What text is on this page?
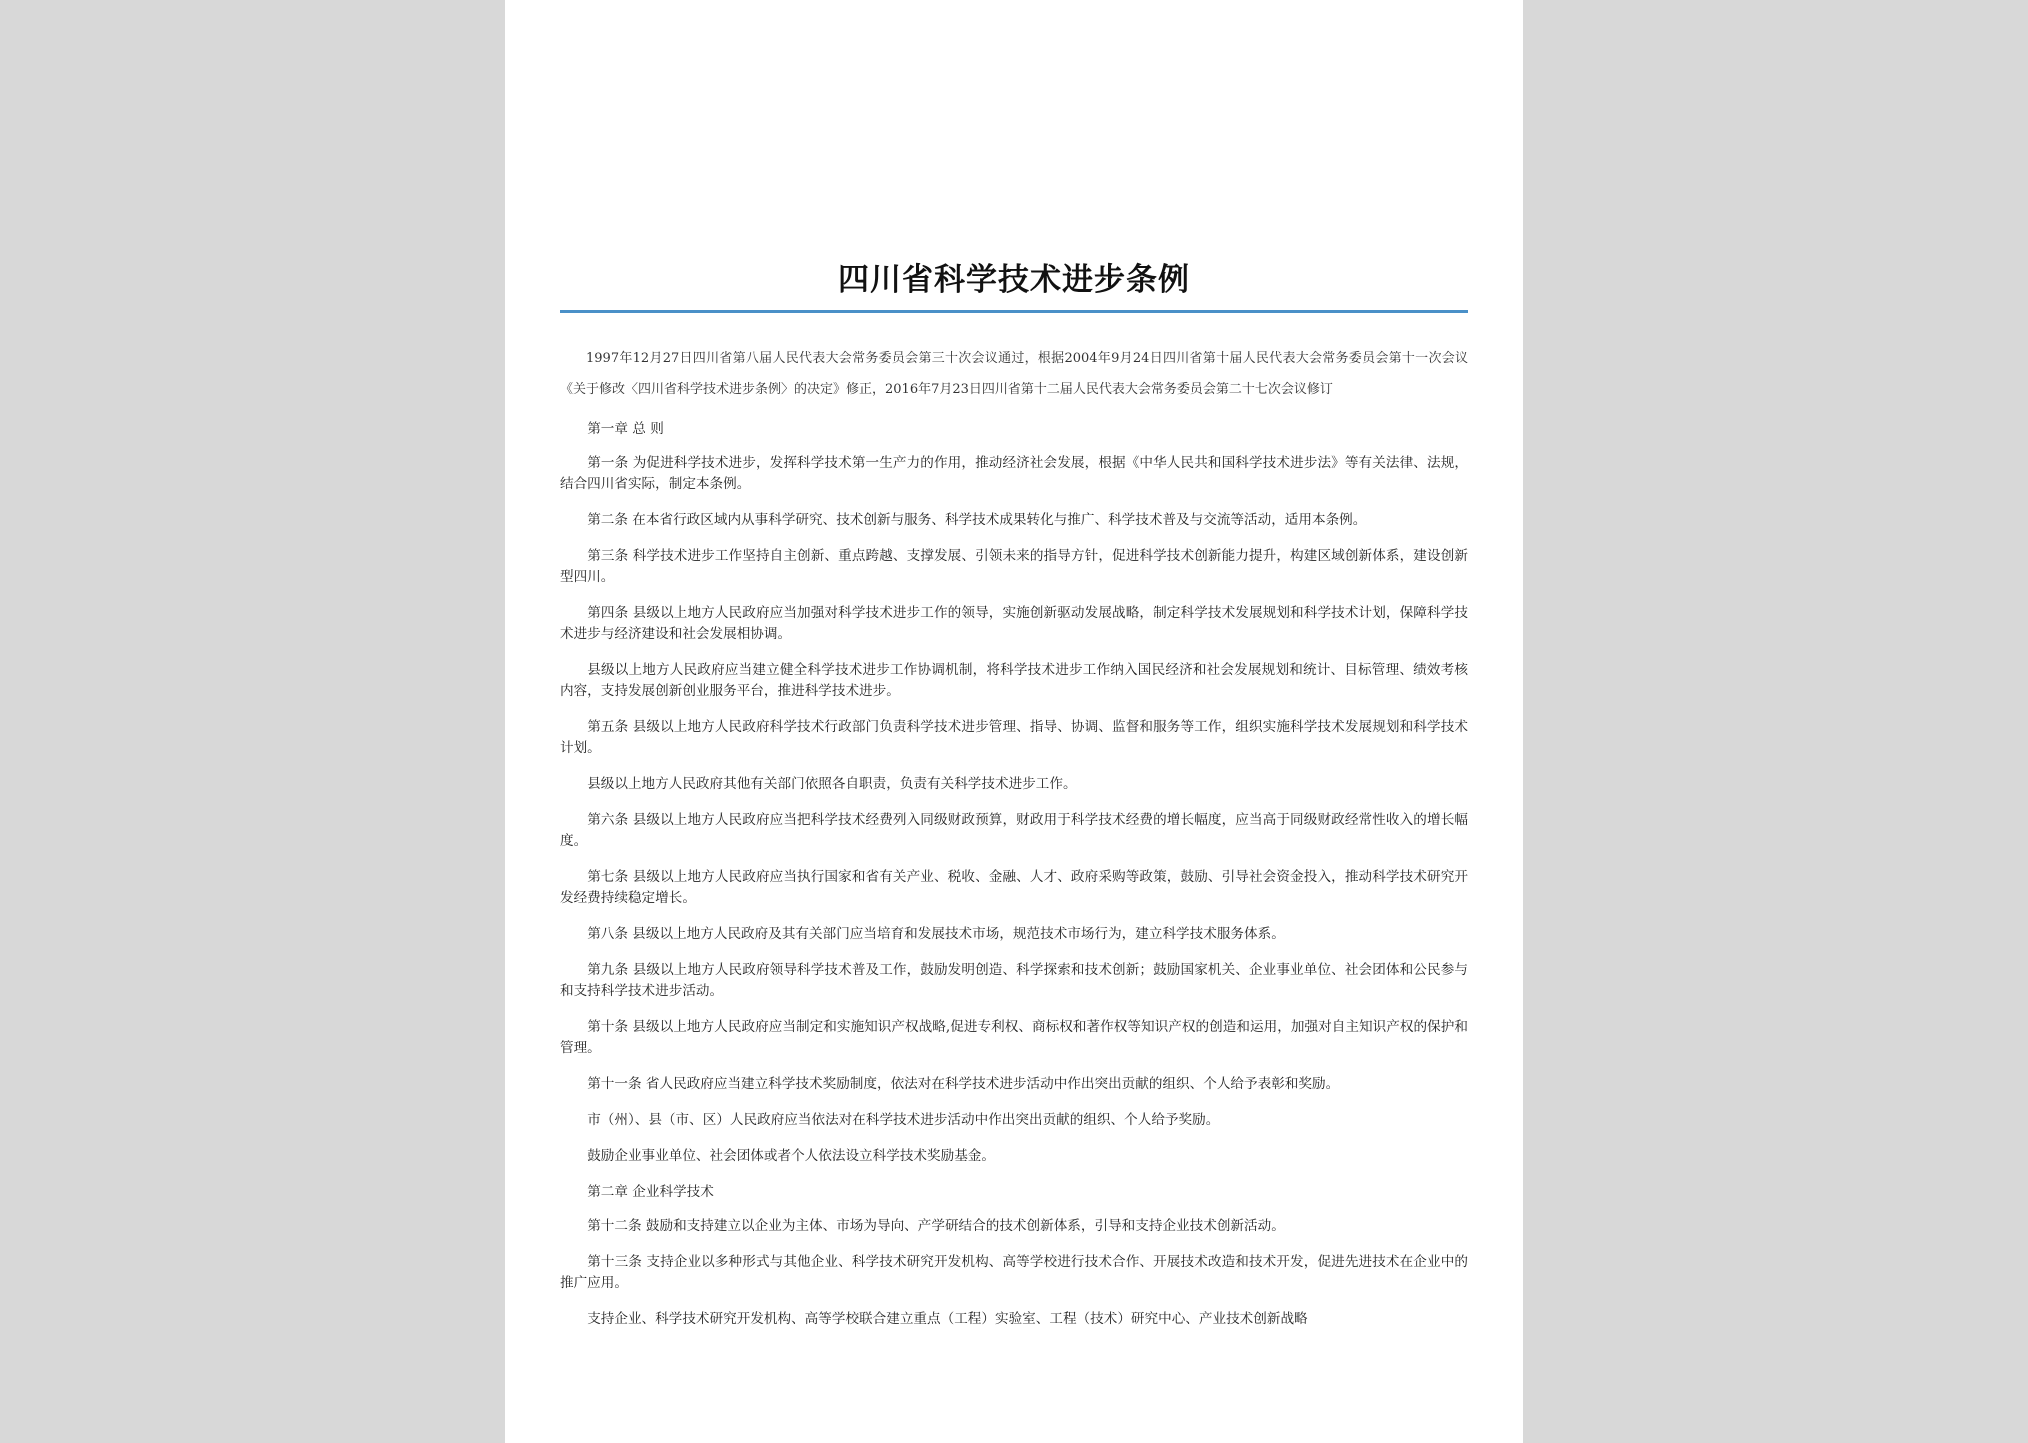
四川省科学技术进步条例

1997年12月27日四川省第八届人民代表大会常务委员会第三十次会议通过，根据2004年9月24日四川省第十届人民代表大会常务委员会第十一次会议《关于修改〈四川省科学技术进步条例〉的决定》修正，2016年7月23日四川省第十二届人民代表大会常务委员会第二十七次会议修订

第一章 总 则

第一条 为促进科学技术进步，发挥科学技术第一生产力的作用，推动经济社会发展，根据《中华人民共和国科学技术进步法》等有关法律、法规，结合四川省实际，制定本条例。

第二条 在本省行政区域内从事科学研究、技术创新与服务、科学技术成果转化与推广、科学技术普及与交流等活动，适用本条例。

第三条 科学技术进步工作坚持自主创新、重点跨越、支撑发展、引领未来的指导方针，促进科学技术创新能力提升，构建区域创新体系，建设创新型四川。

第四条 县级以上地方人民政府应当加强对科学技术进步工作的领导，实施创新驱动发展战略，制定科学技术发展规划和科学技术计划，保障科学技术进步与经济建设和社会发展相协调。

县级以上地方人民政府应当建立健全科学技术进步工作协调机制，将科学技术进步工作纳入国民经济和社会发展规划和统计、目标管理、绩效考核内容，支持发展创新创业服务平台，推进科学技术进步。

第五条 县级以上地方人民政府科学技术行政部门负责科学技术进步管理、指导、协调、监督和服务等工作，组织实施科学技术发展规划和科学技术计划。

县级以上地方人民政府其他有关部门依照各自职责，负责有关科学技术进步工作。

第六条 县级以上地方人民政府应当把科学技术经费列入同级财政预算，财政用于科学技术经费的增长幅度，应当高于同级财政经常性收入的增长幅度。

第七条 县级以上地方人民政府应当执行国家和省有关产业、税收、金融、人才、政府采购等政策，鼓励、引导社会资金投入，推动科学技术研究开发经费持续稳定增长。

第八条 县级以上地方人民政府及其有关部门应当培育和发展技术市场，规范技术市场行为，建立科学技术服务体系。

第九条 县级以上地方人民政府领导科学技术普及工作，鼓励发明创造、科学探索和技术创新；鼓励国家机关、企业事业单位、社会团体和公民参与和支持科学技术进步活动。

第十条 县级以上地方人民政府应当制定和实施知识产权战略,促进专利权、商标权和著作权等知识产权的创造和运用，加强对自主知识产权的保护和管理。

第十一条 省人民政府应当建立科学技术奖励制度，依法对在科学技术进步活动中作出突出贡献的组织、个人给予表彰和奖励。

市（州）、县（市、区）人民政府应当依法对在科学技术进步活动中作出突出贡献的组织、个人给予奖励。

鼓励企业事业单位、社会团体或者个人依法设立科学技术奖励基金。

第二章 企业科学技术

第十二条 鼓励和支持建立以企业为主体、市场为导向、产学研结合的技术创新体系，引导和支持企业技术创新活动。

第十三条 支持企业以多种形式与其他企业、科学技术研究开发机构、高等学校进行技术合作、开展技术改造和技术开发，促进先进技术在企业中的推广应用。

支持企业、科学技术研究开发机构、高等学校联合建立重点（工程）实验室、工程（技术）研究中心、产业技术创新战略
